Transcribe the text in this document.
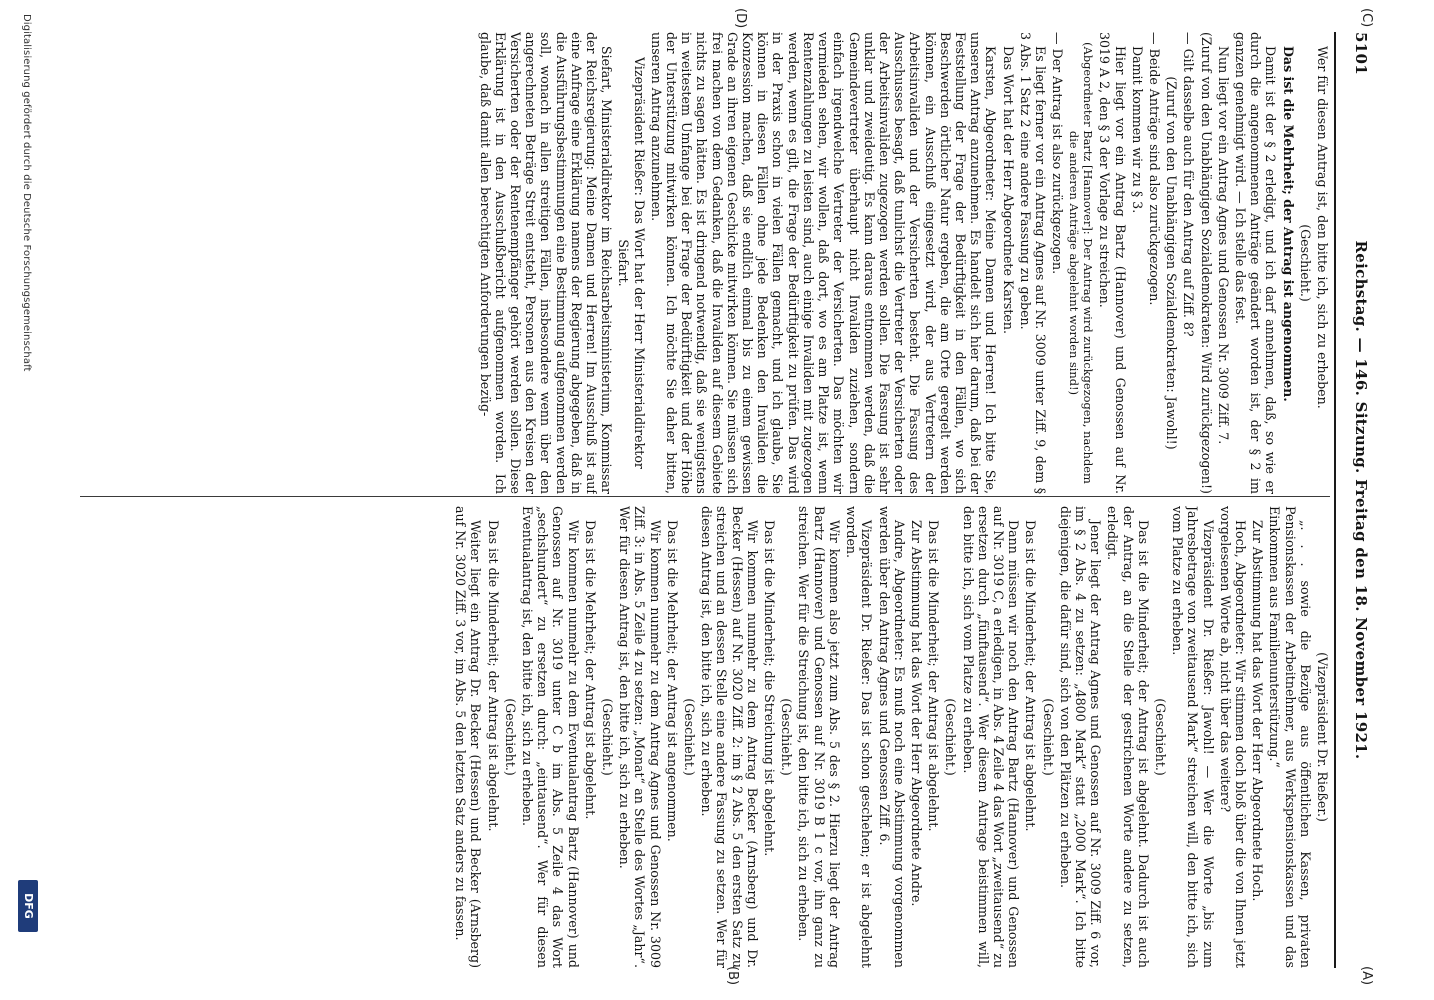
5101
Reichstag. — 146. Sitzung. Freitag den 18. November 1921.
(C)
(D)
(A)
(B)

Wer für diesen Antrag ist, den bitte ich, sich zu erheben.

(Geschieht.)

Das ist die Mehrheit; der Antrag ist angenommen.

Damit ist der § 2 erledigt, und ich darf annehmen, daß, so wie er durch die angenommenen Anträge geändert worden ist, der § 2 im ganzen genehmigt wird. — Ich stelle das fest.

Nun liegt vor ein Antrag Agnes und Genossen Nr. 3009 Ziff. 7.

(Zuruf von den Unabhängigen Sozialdemokraten: Wird zurückgezogen!)

— Gilt dasselbe auch für den Antrag auf Ziff. 8?

(Zuruf von den Unabhängigen Sozialdemokraten: Jawohl!)

— Beide Anträge sind also zurückgezogen.

Damit kommen wir zu § 3.

Hier liegt vor ein Antrag Bartz (Hannover) und Genossen auf Nr. 3019 A 2, den § 3 der Vorlage zu streichen.

(Abgeordneter Bartz [Hannover]: Der Antrag wird zurückgezogen, nachdem die anderen Anträge abgelehnt worden sind!)

— Der Antrag ist also zurückgezogen.

Es liegt ferner vor ein Antrag Agnes auf Nr. 3009 unter Ziff. 9, dem § 3 Abs. 1 Satz 2 eine andere Fassung zu geben.

Das Wort hat der Herr Abgeordnete Karsten.

Karsten, Abgeordneter: Meine Damen und Herren! Ich bitte Sie, unseren Antrag anzunehmen. Es handelt sich hier darum, daß bei der Feststellung der Frage der Bedürftigkeit in den Fällen, wo sich Beschwerden örtlicher Natur ergeben, die am Orte geregelt werden können, ein Ausschuß eingesetzt wird, der aus Vertretern der Arbeitsinvaliden und der Versicherten besteht. Die Fassung des Ausschusses besagt, daß tunlichst die Vertreter der Versicherten oder der Arbeitsinvaliden zugezogen werden sollen. Die Fassung ist sehr unklar und zweideutig. Es kann daraus entnommen werden, daß die Gemeindevertreter überhaupt nicht Invaliden zuziehen, sondern einfach irgendwelche Vertreter der Versicherten. Das möchten wir vermieden sehen, wir wollen, daß dort, wo es am Platze ist, wenn Rentenzahlungen zu leisten sind, auch einige Invaliden mit zugezogen werden, wenn es gilt, die Frage der Bedürftigkeit zu prüfen. Das wird in der Praxis schon in vielen Fällen gemacht, und ich glaube, Sie können in diesen Fällen ohne jede Bedenken den Invaliden die Konzession machen, daß sie endlich einmal bis zu einem gewissen Grade an ihren eigenen Geschicke mitwirken können. Sie müssen sich frei machen von dem Gedanken, daß die Invaliden auf diesem Gebiete nichts zu sagen hätten. Es ist dringend notwendig, daß sie wenigstens in weitestem Umfange bei der Frage der Bedürftigkeit und der Höhe der Unterstützung mitwirken können. Ich möchte Sie daher bitten, unseren Antrag anzunehmen.

Vizepräsident Rießer: Das Wort hat der Herr Ministerialdirektor Siefart.

Siefart, Ministerialdirektor im Reichsarbeitsministerium, Kommissar der Reichsregierung: Meine Damen und Herren! Im Ausschuß ist auf eine Anfrage eine Erklärung namens der Regierung abgegeben, daß in die Ausführungsbestimmungen eine Bestimmung aufgenommen werden soll, wonach in allen streitigen Fällen, insbesondere wenn über den angerechneten Beträge Streit entsteht, Personen aus den Kreisen der Versicherten oder der Rentenempfänger gehört werden sollen. Diese Erklärung ist in den Ausschußbericht aufgenommen worden. Ich glaube, daß damit allen berechtigten Anforderungen bezüg-

(Vizepräsident Dr. Rießer.)

„. . . sowie die Bezüge aus öffentlichen Kassen, privaten Pensionskassen der Arbeitnehmer, aus Werkspensionskassen und das Einkommen aus Familienunterstützung.“

Zur Abstimmung hat das Wort der Herr Abgeordnete Hoch.

Hoch, Abgeordneter: Wir stimmen doch bloß über die von Ihnen jetzt vorgelesenen Worte ab, nicht über das weitere?

Vizepräsident Dr. Rießer: Jawohl! — Wer die Worte „bis zum Jahresbetrage von zweitausend Mark“ streichen will, den bitte ich, sich vom Platze zu erheben.

(Geschieht.)

Das ist die Minderheit; der Antrag ist abgelehnt. Dadurch ist auch der Antrag, an die Stelle der gestrichenen Worte andere zu setzen, erledigt.

Jener liegt der Antrag Agnes und Genossen auf Nr. 3009 Ziff. 6 vor, im § 2 Abs. 4 zu setzen: „4800 Mark“ statt „2000 Mark“. Ich bitte diejenigen, die dafür sind, sich von den Plätzen zu erheben.

(Geschieht.)

Das ist die Minderheit; der Antrag ist abgelehnt.

Dann müssen wir noch den Antrag Bartz (Hannover) und Genossen auf Nr. 3019 C, a erledigen, in Abs. 4 Zeile 4 das Wort „zweitausend“ zu ersetzen durch „fünftausend“. Wer diesem Antrage beistimmen will, den bitte ich, sich vom Platze zu erheben.

(Geschieht.)

Das ist die Minderheit; der Antrag ist abgelehnt.

Zur Abstimmung hat das Wort der Herr Abgeordnete Andre.

Andre, Abgeordneter: Es muß noch eine Abstimmung vorgenommen werden über den Antrag Agnes und Genossen Ziff. 6.

Vizepräsident Dr. Rießer: Das ist schon geschehen; er ist abgelehnt worden.

Wir kommen also jetzt zum Abs. 5 des § 2. Hierzu liegt der Antrag Bartz (Hannover) und Genossen auf Nr. 3019 B 1 c vor, ihn ganz zu streichen. Wer für die Streichung ist, den bitte ich, sich zu erheben.

(Geschieht.)

Das ist die Minderheit; die Streichung ist abgelehnt.

Wir kommen nunmehr zu dem Antrag Becker (Arnsberg) und Dr. Becker (Hessen) auf Nr. 3020 Ziff. 2: im § 2 Abs. 5 den ersten Satz zu streichen und an dessen Stelle eine andere Fassung zu setzen. Wer für diesen Antrag ist, den bitte ich, sich zu erheben.

(Geschieht.)

Das ist die Mehrheit; der Antrag ist angenommen.

Wir kommen nunmehr zu dem Antrag Agnes und Genossen Nr. 3009 Ziff. 3: in Abs. 5 Zeile 4 zu setzen: „Monat“ an Stelle des Wortes „Jahr“. Wer für diesen Antrag ist, den bitte ich, sich zu erheben.

(Geschieht.)

Das ist die Mehrheit; der Antrag ist abgelehnt.

Wir kommen nunmehr zu dem Eventualantrag Bartz (Hannover) und Genossen auf Nr. 3019 unter C b im Abs. 5 Zeile 4 das Wort „sechshundert“ zu ersetzen durch: „eintausend“. Wer für diesen Eventualantrag ist, den bitte ich, sich zu erheben.

(Geschieht.)

Das ist die Minderheit; der Antrag ist abgelehnt.

Weiter liegt ein Antrag Dr. Becker (Hessen) und Becker (Arnsberg) auf Nr. 3020 Ziff. 3 vor, im Abs. 5 den letzten Satz anders zu fassen.

Digitalisierung gefördert durch die Deutsche Forschungsgemeinschaft
DFG
